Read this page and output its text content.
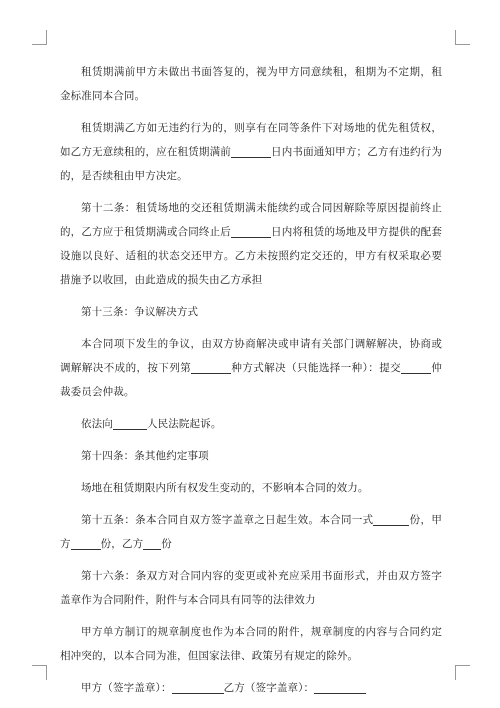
租赁期满前甲方未做出书面答复的，视为甲方同意续租，租期为不定期，租金标准同本合同。

租赁期满乙方如无违约行为的，则享有在同等条件下对场地的优先租赁权，如乙方无意续租的，应在租赁期满前	日内书面通知甲方；乙方有违约行为的，是否续租由甲方决定。

第十二条：租赁场地的交还租赁期满未能续约或合同因解除等原因提前终止的，乙方应于租赁期满或合同终止后	日内将租赁的场地及甲方提供的配套设施以良好、适租的状态交还甲方。乙方未按照约定交还的，甲方有权采取必要措施予以收回，由此造成的损失由乙方承担

第十三条：争议解决方式

本合同项下发生的争议，由双方协商解决或申请有关部门调解解决，协商或调解解决不成的，按下列第	种方式解决（只能选择一种）：提交	仲裁委员会仲裁。

依法向	人民法院起诉。

第十四条：条其他约定事项

场地在租赁期限内所有权发生变动的，不影响本合同的效力。

第十五条：条本合同自双方签字盖章之日起生效。本合同一式	份，甲方	份，乙方 份

第十六条：条双方对合同内容的变更或补充应采用书面形式，并由双方签字盖章作为合同附件，附件与本合同具有同等的法律效力

甲方单方制订的规章制度也作为本合同的附件，规章制度的内容与合同约定相冲突的，以本合同为准，但国家法律、政策另有规定的除外。

甲方（签字盖章）：	乙方（签字盖章）：
